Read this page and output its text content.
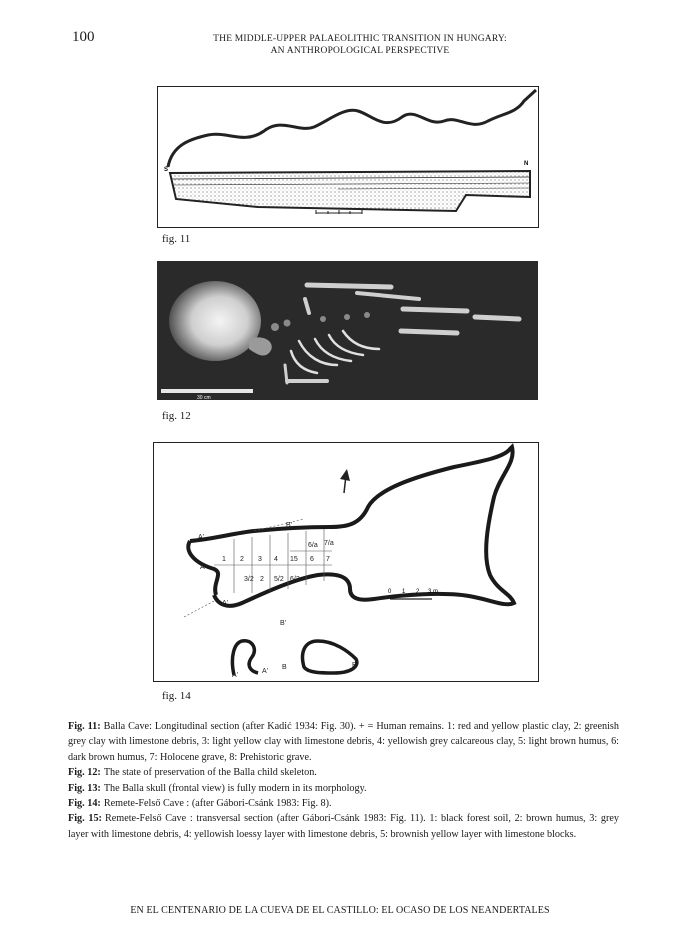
100	THE MIDDLE-UPPER PALAEOLITHIC TRANSITION IN HUNGARY:
AN ANTHROPOLOGICAL PERSPECTIVE
S
N
fig. 11
30 cm
fig. 12
1 2 3 4 15
6/a 7/a
6 7
3/2 2 5/2 6/2
A'
A
B'
A'
B'
A'
A'
B	B'
0 1 2 3 m
fig. 14

Fig. 11: Balla Cave: Longitudinal section (after Kadić 1934: Fig. 30). + = Human remains. 1: red and yellow plastic clay, 2: greenish grey clay with limestone debris, 3: light yellow clay with limestone debris, 4: yellowish grey calcareous clay, 5: light brown humus, 6: dark brown humus, 7: Holocene grave, 8: Prehistoric grave.

Fig. 12: The state of preservation of the Balla child skeleton.

Fig. 13: The Balla skull (frontal view) is fully modern in its morphology.

Fig. 14: Remete-Felső Cave : (after Gábori-Csánk 1983: Fig. 8).

Fig. 15: Remete-Felső Cave : transversal section (after Gábori-Csánk 1983: Fig. 11). 1: black forest soil, 2: brown humus, 3: grey layer with limestone debris, 4: yellowish loessy layer with limestone debris, 5: brownish yellow layer with limestone blocks.

EN EL CENTENARIO DE LA CUEVA DE EL CASTILLO: EL OCASO DE LOS NEANDERTALES
